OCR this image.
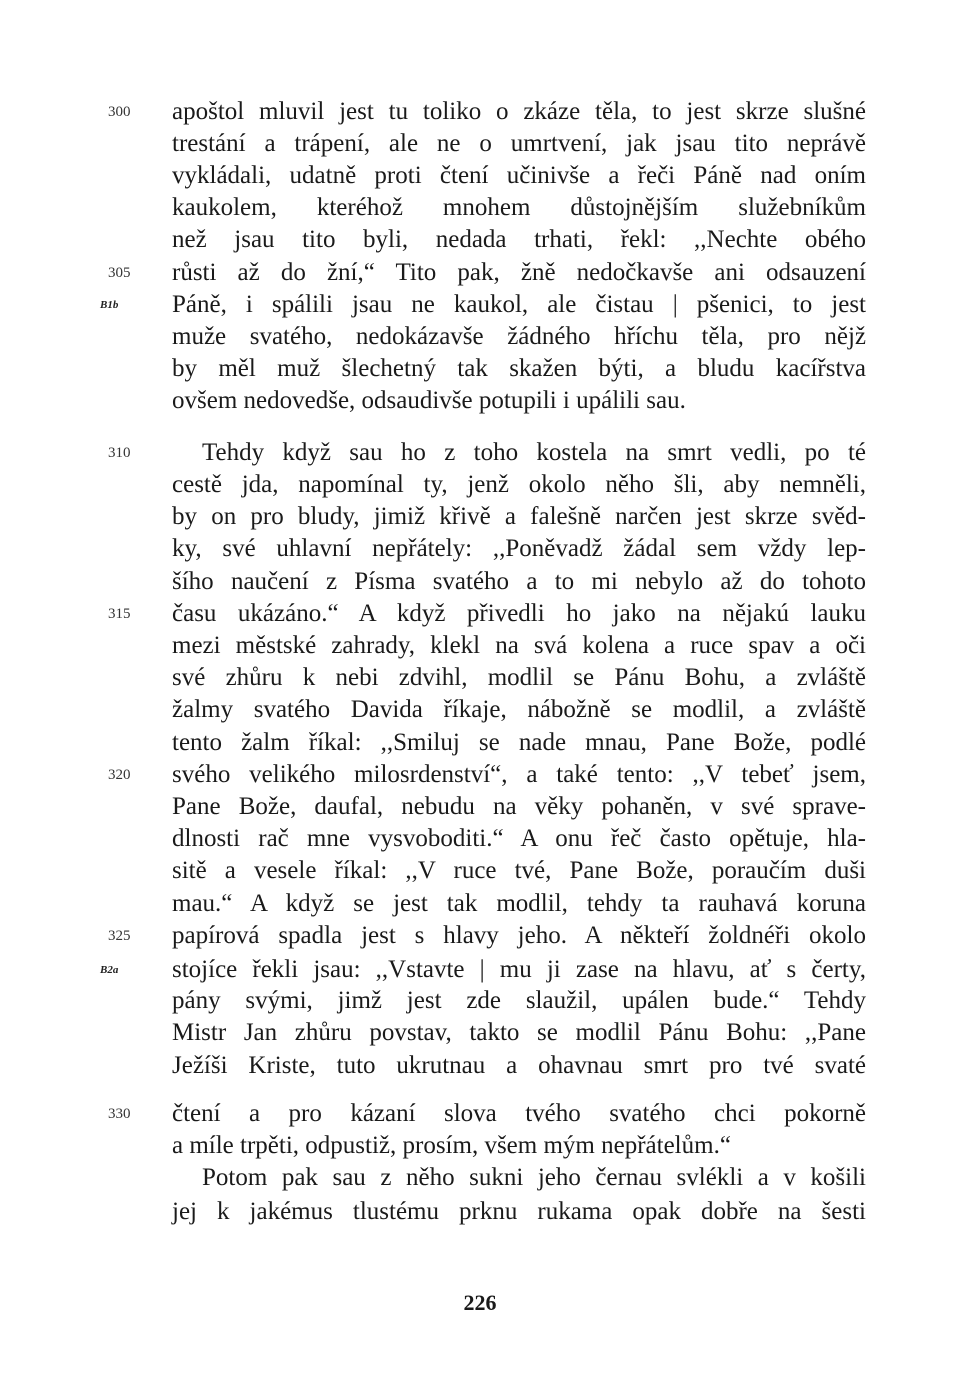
300
305
310
315
320
325
330
B1b
B2a
apoštol mluvil jest tu toliko o zkáze těla, to jest skrze slušné
trestání a trápení, ale ne o umrtvení, jak jsau tito neprávě
vykládali, udatně proti čtení učinivše a řeči Páně nad oním
kaukolem, kteréhož mnohem důstojnějším služebníkům
než jsau tito byli, nedada trhati, řekl: ,,Nechte obého
růsti až do žní,“ Tito pak, žně nedočkavše ani odsauzení
Páně, i spálili jsau ne kaukol, ale čistau | pšenici, to jest
muže svatého, nedokázavše žádného hříchu těla, pro nějž
by měl muž šlechetný tak skažen býti, a bludu kacířstva
ovšem nedovedše, odsaudivše potupili i upálili sau.
Tehdy když sau ho z toho kostela na smrt vedli, po té
cestě jda, napomínal ty, jenž okolo něho šli, aby nemněli,
by on pro bludy, jimiž křivě a falešně narčen jest skrze svěd-
ky, své uhlavní nepřátely: ,,Poněvadž žádal sem vždy lep-
šího naučení z Písma svatého a to mi nebylo až do tohoto
času ukázáno.“ A když přivedli ho jako na nějakú lauku
mezi městské zahrady, klekl na svá kolena a ruce spav a oči
své zhůru k nebi zdvihl, modlil se Pánu Bohu, a zvláště
žalmy svatého Davida říkaje, nábožně se modlil, a zvláště
tento žalm říkal: ,,Smiluj se nade mnau, Pane Bože, podlé
svého velikého milosrdenství“, a také tento: ,,V tebeť jsem,
Pane Bože, daufal, nebudu na věky pohaněn, v své sprave-
dlnosti rač mne vysvoboditi.“ A onu řeč často opětuje, hla-
sitě a vesele říkal: ,,V ruce tvé, Pane Bože, poraučím duši
mau.“ A když se jest tak modlil, tehdy ta rauhavá koruna
papírová spadla jest s hlavy jeho. A někteří žoldnéři okolo
stojíce řekli jsau: ,,Vstavte | mu ji zase na hlavu, ať s čerty,
pány svými, jimž jest zde slaužil, upálen bude.“ Tehdy
Mistr Jan zhůru povstav, takto se modlil Pánu Bohu: ,,Pane
Ježíši Kriste, tuto ukrutnau a ohavnau smrt pro tvé svaté
čtení a pro kázaní slova tvého svatého chci pokorně
a míle trpěti, odpustiž, prosím, všem mým nepřátelům.“
Potom pak sau z něho sukni jeho černau svlékli a v košili
jej k jakémus tlustému prknu rukama opak dobře na šesti
226
